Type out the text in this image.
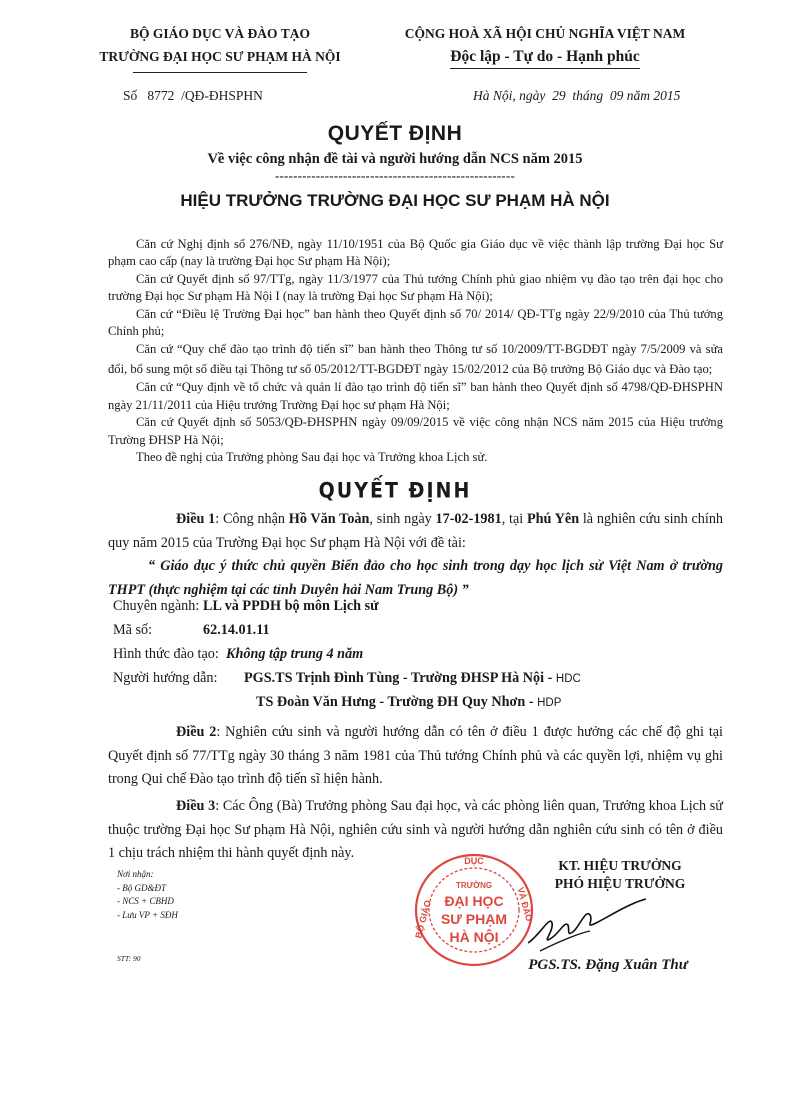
BỘ GIÁO DỤC VÀ ĐÀO TẠO
TRƯỜNG ĐẠI HỌC SƯ PHẠM HÀ NỘI
CỘNG HOÀ XÃ HỘI CHỦ NGHĨA VIỆT NAM
Độc lập - Tự do - Hạnh phúc
Số   8772  /QĐ-ĐHSPHN	Hà Nội, ngày  29  tháng  09 năm 2015
QUYẾT ĐỊNH
Về việc công nhận đề tài và người hướng dẫn NCS năm 2015
-----------------------------------------------------
HIỆU TRƯỞNG TRƯỜNG ĐẠI HỌC SƯ PHẠM HÀ NỘI

Căn cứ Nghị định số 276/NĐ, ngày 11/10/1951 của Bộ Quốc gia Giáo dục về việc thành lập trường Đại học Sư phạm cao cấp (nay là trường Đại học Sư phạm Hà Nội);

Căn cứ Quyết định số 97/TTg, ngày 11/3/1977 của Thủ tướng Chính phủ giao nhiệm vụ đào tạo trên đại học cho trường Đại học Sư phạm Hà Nội I (nay là trường Đại học Sư phạm Hà Nội);

Căn cứ “Điều lệ Trường Đại học” ban hành theo Quyết định số 70/ 2014/ QĐ-TTg ngày 22/9/2010 của Thủ tướng Chính phủ;

Căn cứ “Quy chế đào tạo trình độ tiến sĩ” ban hành theo Thông tư số 10/2009/TT-BGDĐT ngày 7/5/2009 và sửa đổi, bổ sung một số điều tại Thông tư số 05/2012/TT-BGDĐT ngày 15/02/2012 của Bộ trưởng Bộ Giáo dục và Đào tạo;

Căn cứ “Quy định về tổ chức và quản lí đào tạo trình độ tiến sĩ” ban hành theo Quyết định số 4798/QĐ-ĐHSPHN ngày 21/11/2011 của Hiệu trưởng Trường Đại học sư phạm Hà Nội;

Căn cứ Quyết định số 5053/QĐ-ĐHSPHN ngày 09/09/2015 về việc công nhận NCS năm 2015 của Hiệu trưởng Trường ĐHSP Hà Nội;

Theo đề nghị của Trưởng phòng Sau đại học và Trưởng khoa Lịch sử.

QUYẾT ĐỊNH

Điều 1: Công nhận Hồ Văn Toàn, sinh ngày 17-02-1981, tại Phú Yên là nghiên cứu sinh chính quy năm 2015 của Trường Đại học Sư phạm Hà Nội với đề tài:

“ Giáo dục ý thức chủ quyền Biển đảo cho học sinh trong dạy học lịch sử Việt Nam ở trường THPT (thực nghiệm tại các tỉnh Duyên hải Nam Trung Bộ) ”

Chuyên ngành: LL và PPDH bộ môn Lịch sử
Mã số:	62.14.01.11
Hình thức đào tạo: Không tập trung 4 năm
Người hướng dẫn: PGS.TS Trịnh Đình Tùng - Trường ĐHSP Hà Nội - HDC
TS Đoàn Văn Hưng - Trường ĐH Quy Nhơn - HDP

Điều 2: Nghiên cứu sinh và người hướng dẫn có tên ở điều 1 được hưởng các chế độ ghi tại Quyết định số 77/TTg ngày 30 tháng 3 năm 1981 của Thủ tướng Chính phủ và các quyền lợi, nhiệm vụ ghi trong Qui chế Đào tạo trình độ tiến sĩ hiện hành.

Điều 3: Các Ông (Bà) Trưởng phòng Sau đại học, và các phòng liên quan, Trưởng khoa Lịch sử thuộc trường Đại học Sư phạm Hà Nội, nghiên cứu sinh và người hướng dẫn nghiên cứu sinh có tên ở điều 1 chịu trách nhiệm thi hành quyết định này.

Nơi nhận:
- Bộ GD&ĐT
- NCS + CBHD
- Lưu VP + SĐH
STT: 90
TRƯỜNG
ĐẠI HỌC
SƯ PHẠM
HÀ NỘI
BỘ GIÁO
DỤC
VÀ ĐÀO
KT. HIỆU TRƯỞNG
PHÓ HIỆU TRƯỞNG
PGS.TS. Đặng Xuân Thư
